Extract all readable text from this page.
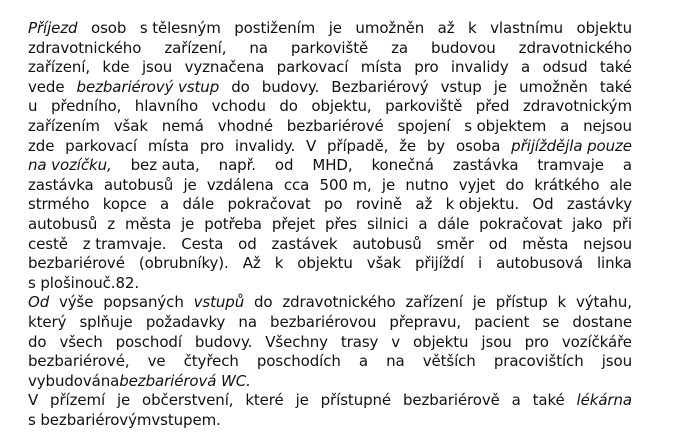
Příjezd osob s tělesným postižením je umožněn až k vlastnímu objektu
zdravotnického zařízení, na parkoviště za budovou zdravotnického
zařízení, kde jsou vyznačena parkovací místa pro invalidy a odsud také
vede bezbariérový vstup do budovy. Bezbariérový vstup je umožněn také
u předního, hlavního vchodu do objektu, parkoviště před zdravotnickým
zařízením však nemá vhodné bezbariérové spojení s objektem a nejsou
zde parkovací místa pro invalidy. V případě, že by osoba přijíždějla pouze
na vozíčku, bez auta, např. od MHD, konečná zastávka tramvaje a
zastávka autobusů je vzdálena cca 500 m, je nutno vyjet do krátkého ale
strmého kopce a dále pokračovat po rovině až k objektu. Od zastávky
autobusů z města je potřeba přejet přes silnici a dále pokračovat jako při
cestě z tramvaje. Cesta od zastávek autobusů směr od města nejsou
bezbariérové (obrubníky). Až k objektu však přijíždí i autobusová linka
s plošinou č. 82.
Od výše popsaných vstupů do zdravotnického zařízení je přístup k výtahu,
který splňuje požadavky na bezbariérovou přepravu, pacient se dostane
do všech poschodí budovy. Všechny trasy v objektu jsou pro vozíčkáře
bezbariérové, ve čtyřech poschodích a na větších pracovištích jsou
vybudována bezbariérová WC.
V přízemí je občerstvení, které je přístupné bezbariérově a také lékárna
s bezbariérovým vstupem.
